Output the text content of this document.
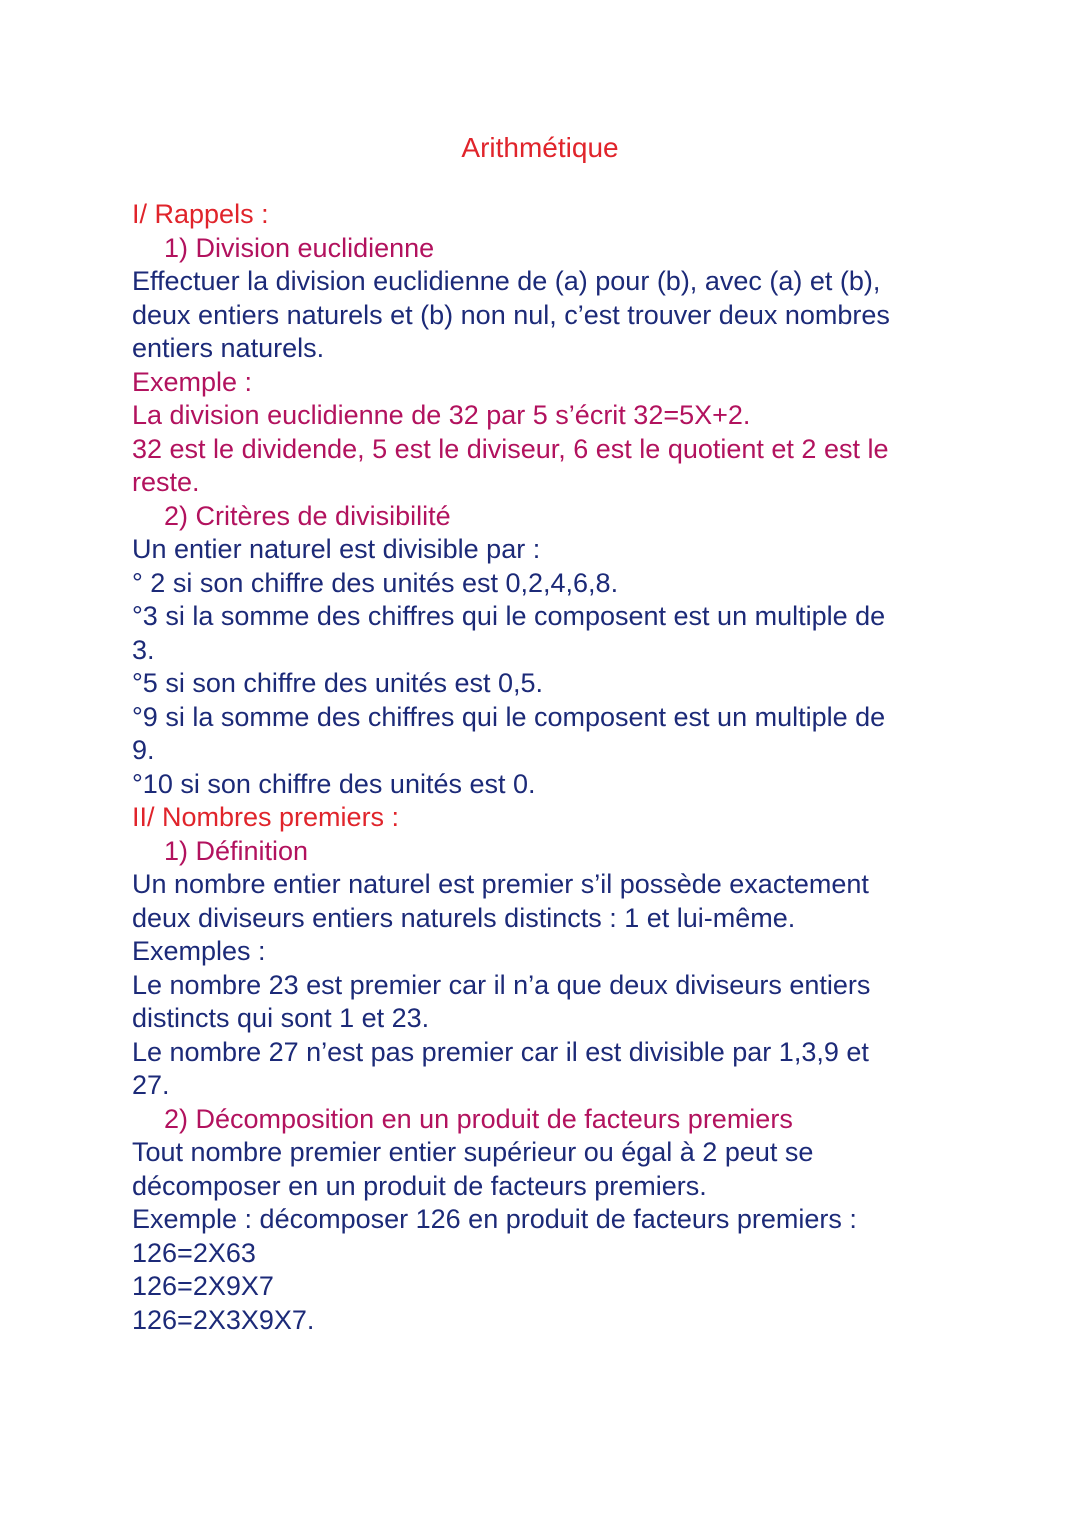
Arithmétique
I/ Rappels :
1) Division euclidienne
Effectuer la division euclidienne de (a) pour (b), avec (a) et (b),
deux entiers naturels et (b) non nul, c’est trouver deux nombres
entiers naturels.
Exemple :
La division euclidienne de 32 par 5 s’écrit 32=5X+2.
32 est le dividende, 5 est le diviseur, 6 est le quotient et 2 est le
reste.
2) Critères de divisibilité
Un entier naturel est divisible par :
° 2 si son chiffre des unités est 0,2,4,6,8.
°3 si la somme des chiffres qui le composent est un multiple de
3.
°5 si son chiffre des unités est 0,5.
°9 si la somme des chiffres qui le composent est un multiple de
9.
°10 si son chiffre des unités est 0.
II/ Nombres premiers :
1) Définition
Un nombre entier naturel est premier s’il possède exactement
deux diviseurs entiers naturels distincts : 1 et lui-même.
Exemples :
Le nombre 23 est premier car il n’a que deux diviseurs entiers
distincts qui sont 1 et 23.
Le nombre 27 n’est pas premier car il est divisible par 1,3,9 et
27.
2) Décomposition en un produit de facteurs premiers
Tout nombre premier entier supérieur ou égal à 2 peut se
décomposer en un produit de facteurs premiers.
Exemple : décomposer 126 en produit de facteurs premiers :
126=2X63
126=2X9X7
126=2X3X9X7.
